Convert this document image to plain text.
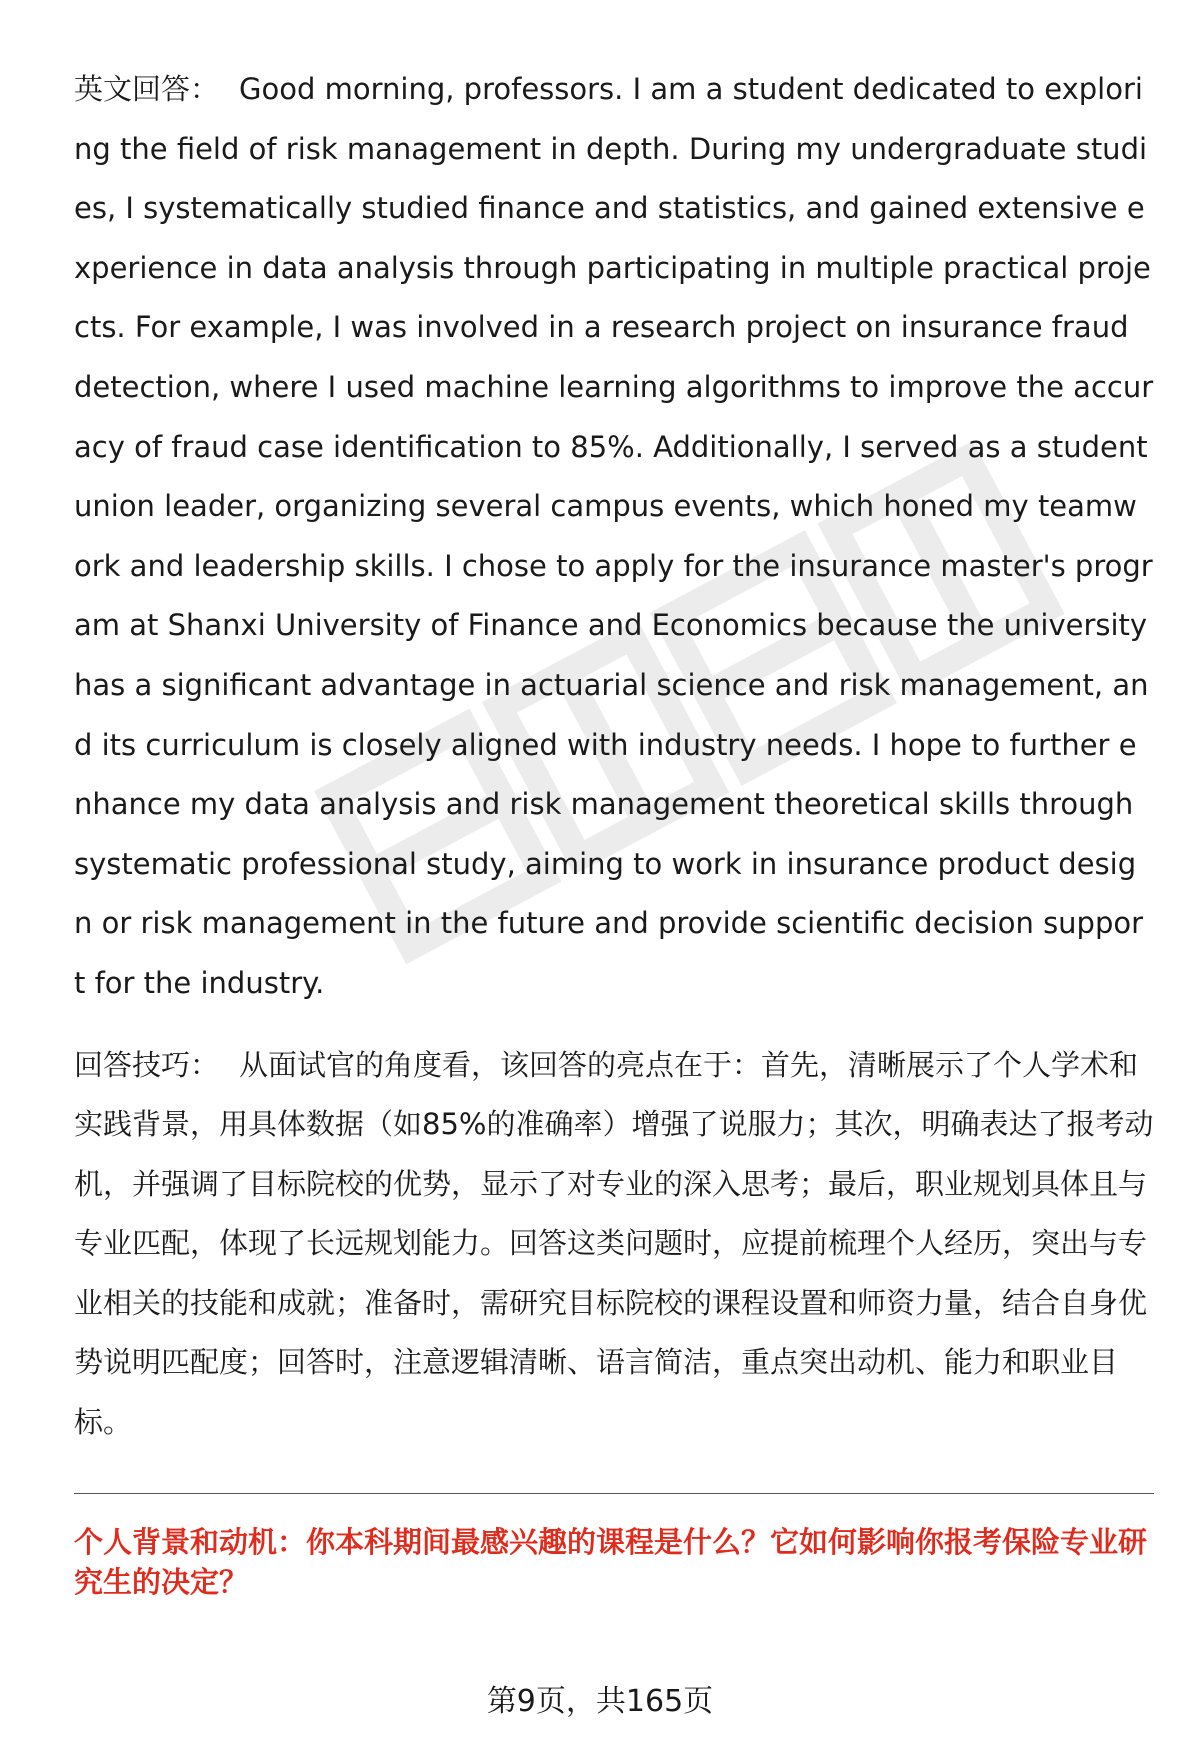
英文回答： Good morning, professors. I am a student dedicated to exploring the field of risk management in depth. During my undergraduate studies, I systematically studied finance and statistics, and gained extensive experience in data analysis through participating in multiple practical projects. For example, I was involved in a research project on insurance fraud detection, where I used machine learning algorithms to improve the accuracy of fraud case identification to 85%. Additionally, I served as a student union leader, organizing several campus events, which honed my teamwork and leadership skills. I chose to apply for the insurance master's program at Shanxi University of Finance and Economics because the university has a significant advantage in actuarial science and risk management, and its curriculum is closely aligned with industry needs. I hope to further enhance my data analysis and risk management theoretical skills through systematic professional study, aiming to work in insurance product design or risk management in the future and provide scientific decision support for the industry.

回答技巧： 从面试官的角度看，该回答的亮点在于：首先，清晰展示了个人学术和实践背景，用具体数据（如85%的准确率）增强了说服力；其次，明确表达了报考动机，并强调了目标院校的优势，显示了对专业的深入思考；最后，职业规划具体且与专业匹配，体现了长远规划能力。回答这类问题时，应提前梳理个人经历，突出与专业相关的技能和成就；准备时，需研究目标院校的课程设置和师资力量，结合自身优势说明匹配度；回答时，注意逻辑清晰、语言简洁，重点突出动机、能力和职业目标。

个人背景和动机：你本科期间最感兴趣的课程是什么？它如何影响你报考保险专业研究生的决定？
第9页，共165页
